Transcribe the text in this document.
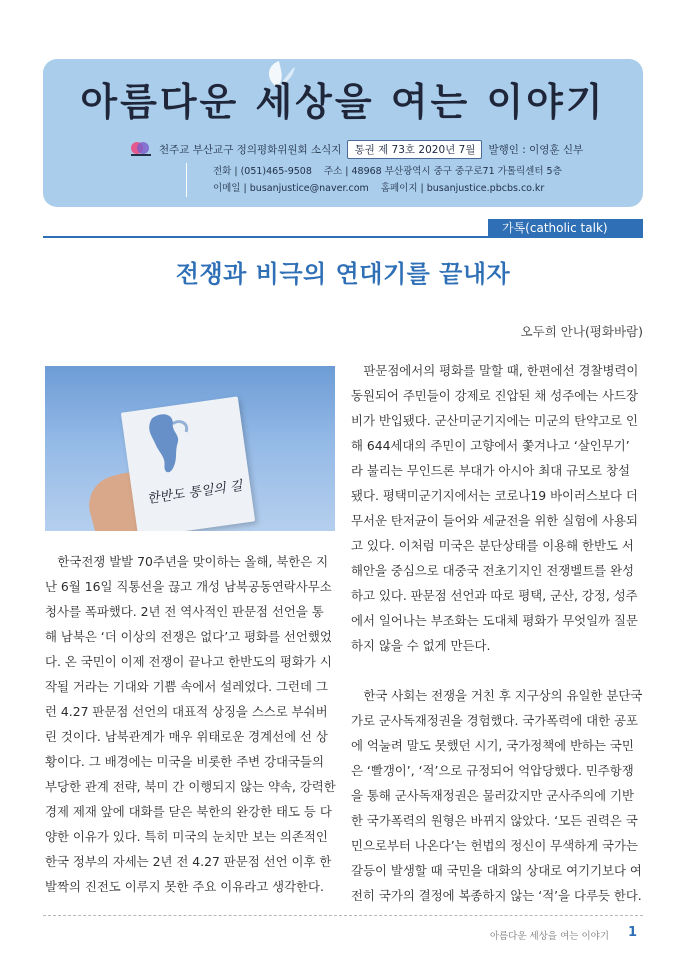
아름다운 세상을 여는 이야기
천주교 부산교구 정의평화위원회 소식지	통권 제 73호 2020년 7월	발행인 : 이영훈 신부
전화 | (051)465-9508 주소 | 48968 부산광역시 중구 중구로71 가톨릭센터 5층
이메일 | busanjustice@naver.com 홈페이지 | busanjustice.pbcbs.co.kr
가톡(catholic talk)
전쟁과 비극의 연대기를 끝내자
오두희 안나(평화바람)
한반도 통일의 길

한국전쟁 발발 70주년을 맞이하는 올해, 북한은 지
난 6월 16일 직통선을 끊고 개성 남북공동연락사무소
청사를 폭파했다. 2년 전 역사적인 판문점 선언을 통
해 남북은 ‘더 이상의 전쟁은 없다’고 평화를 선언했었
다. 온 국민이 이제 전쟁이 끝나고 한반도의 평화가 시
작될 거라는 기대와 기쁨 속에서 설레었다. 그런데 그
런 4.27 판문점 선언의 대표적 상징을 스스로 부숴버
린 것이다. 남북관계가 매우 위태로운 경계선에 선 상
황이다. 그 배경에는 미국을 비롯한 주변 강대국들의
부당한 관계 전략, 북미 간 이행되지 않는 약속, 강력한
경제 제재 앞에 대화를 닫은 북한의 완강한 태도 등 다
양한 이유가 있다. 특히 미국의 눈치만 보는 의존적인
한국 정부의 자세는 2년 전 4.27 판문점 선언 이후 한
발짝의 진전도 이루지 못한 주요 이유라고 생각한다.

판문점에서의 평화를 말할 때, 한편에선 경찰병력이
동원되어 주민들이 강제로 진압된 채 성주에는 사드장
비가 반입됐다. 군산미군기지에는 미군의 탄약고로 인
해 644세대의 주민이 고향에서 쫓겨나고 ‘살인무기’
라 불리는 무인드론 부대가 아시아 최대 규모로 창설
됐다. 평택미군기지에서는 코로나19 바이러스보다 더
무서운 탄저균이 들어와 세균전을 위한 실험에 사용되
고 있다. 이처럼 미국은 분단상태를 이용해 한반도 서
해안을 중심으로 대중국 전초기지인 전쟁벨트를 완성
하고 있다. 판문점 선언과 따로 평택, 군산, 강정, 성주
에서 일어나는 부조화는 도대체 평화가 무엇일까 질문
하지 않을 수 없게 만든다.

한국 사회는 전쟁을 거친 후 지구상의 유일한 분단국
가로 군사독재정권을 경험했다. 국가폭력에 대한 공포
에 억눌려 말도 못했던 시기, 국가정책에 반하는 국민
은 ‘빨갱이’, ‘적’으로 규정되어 억압당했다. 민주항쟁
을 통해 군사독재정권은 물러갔지만 군사주의에 기반
한 국가폭력의 원형은 바뀌지 않았다. ‘모든 권력은 국
민으로부터 나온다’는 헌법의 정신이 무색하게 국가는
갈등이 발생할 때 국민을 대화의 상대로 여기기보다 여
전히 국가의 결정에 복종하지 않는 ‘적’을 다루듯 한다.

아름다운 세상을 여는 이야기 1
